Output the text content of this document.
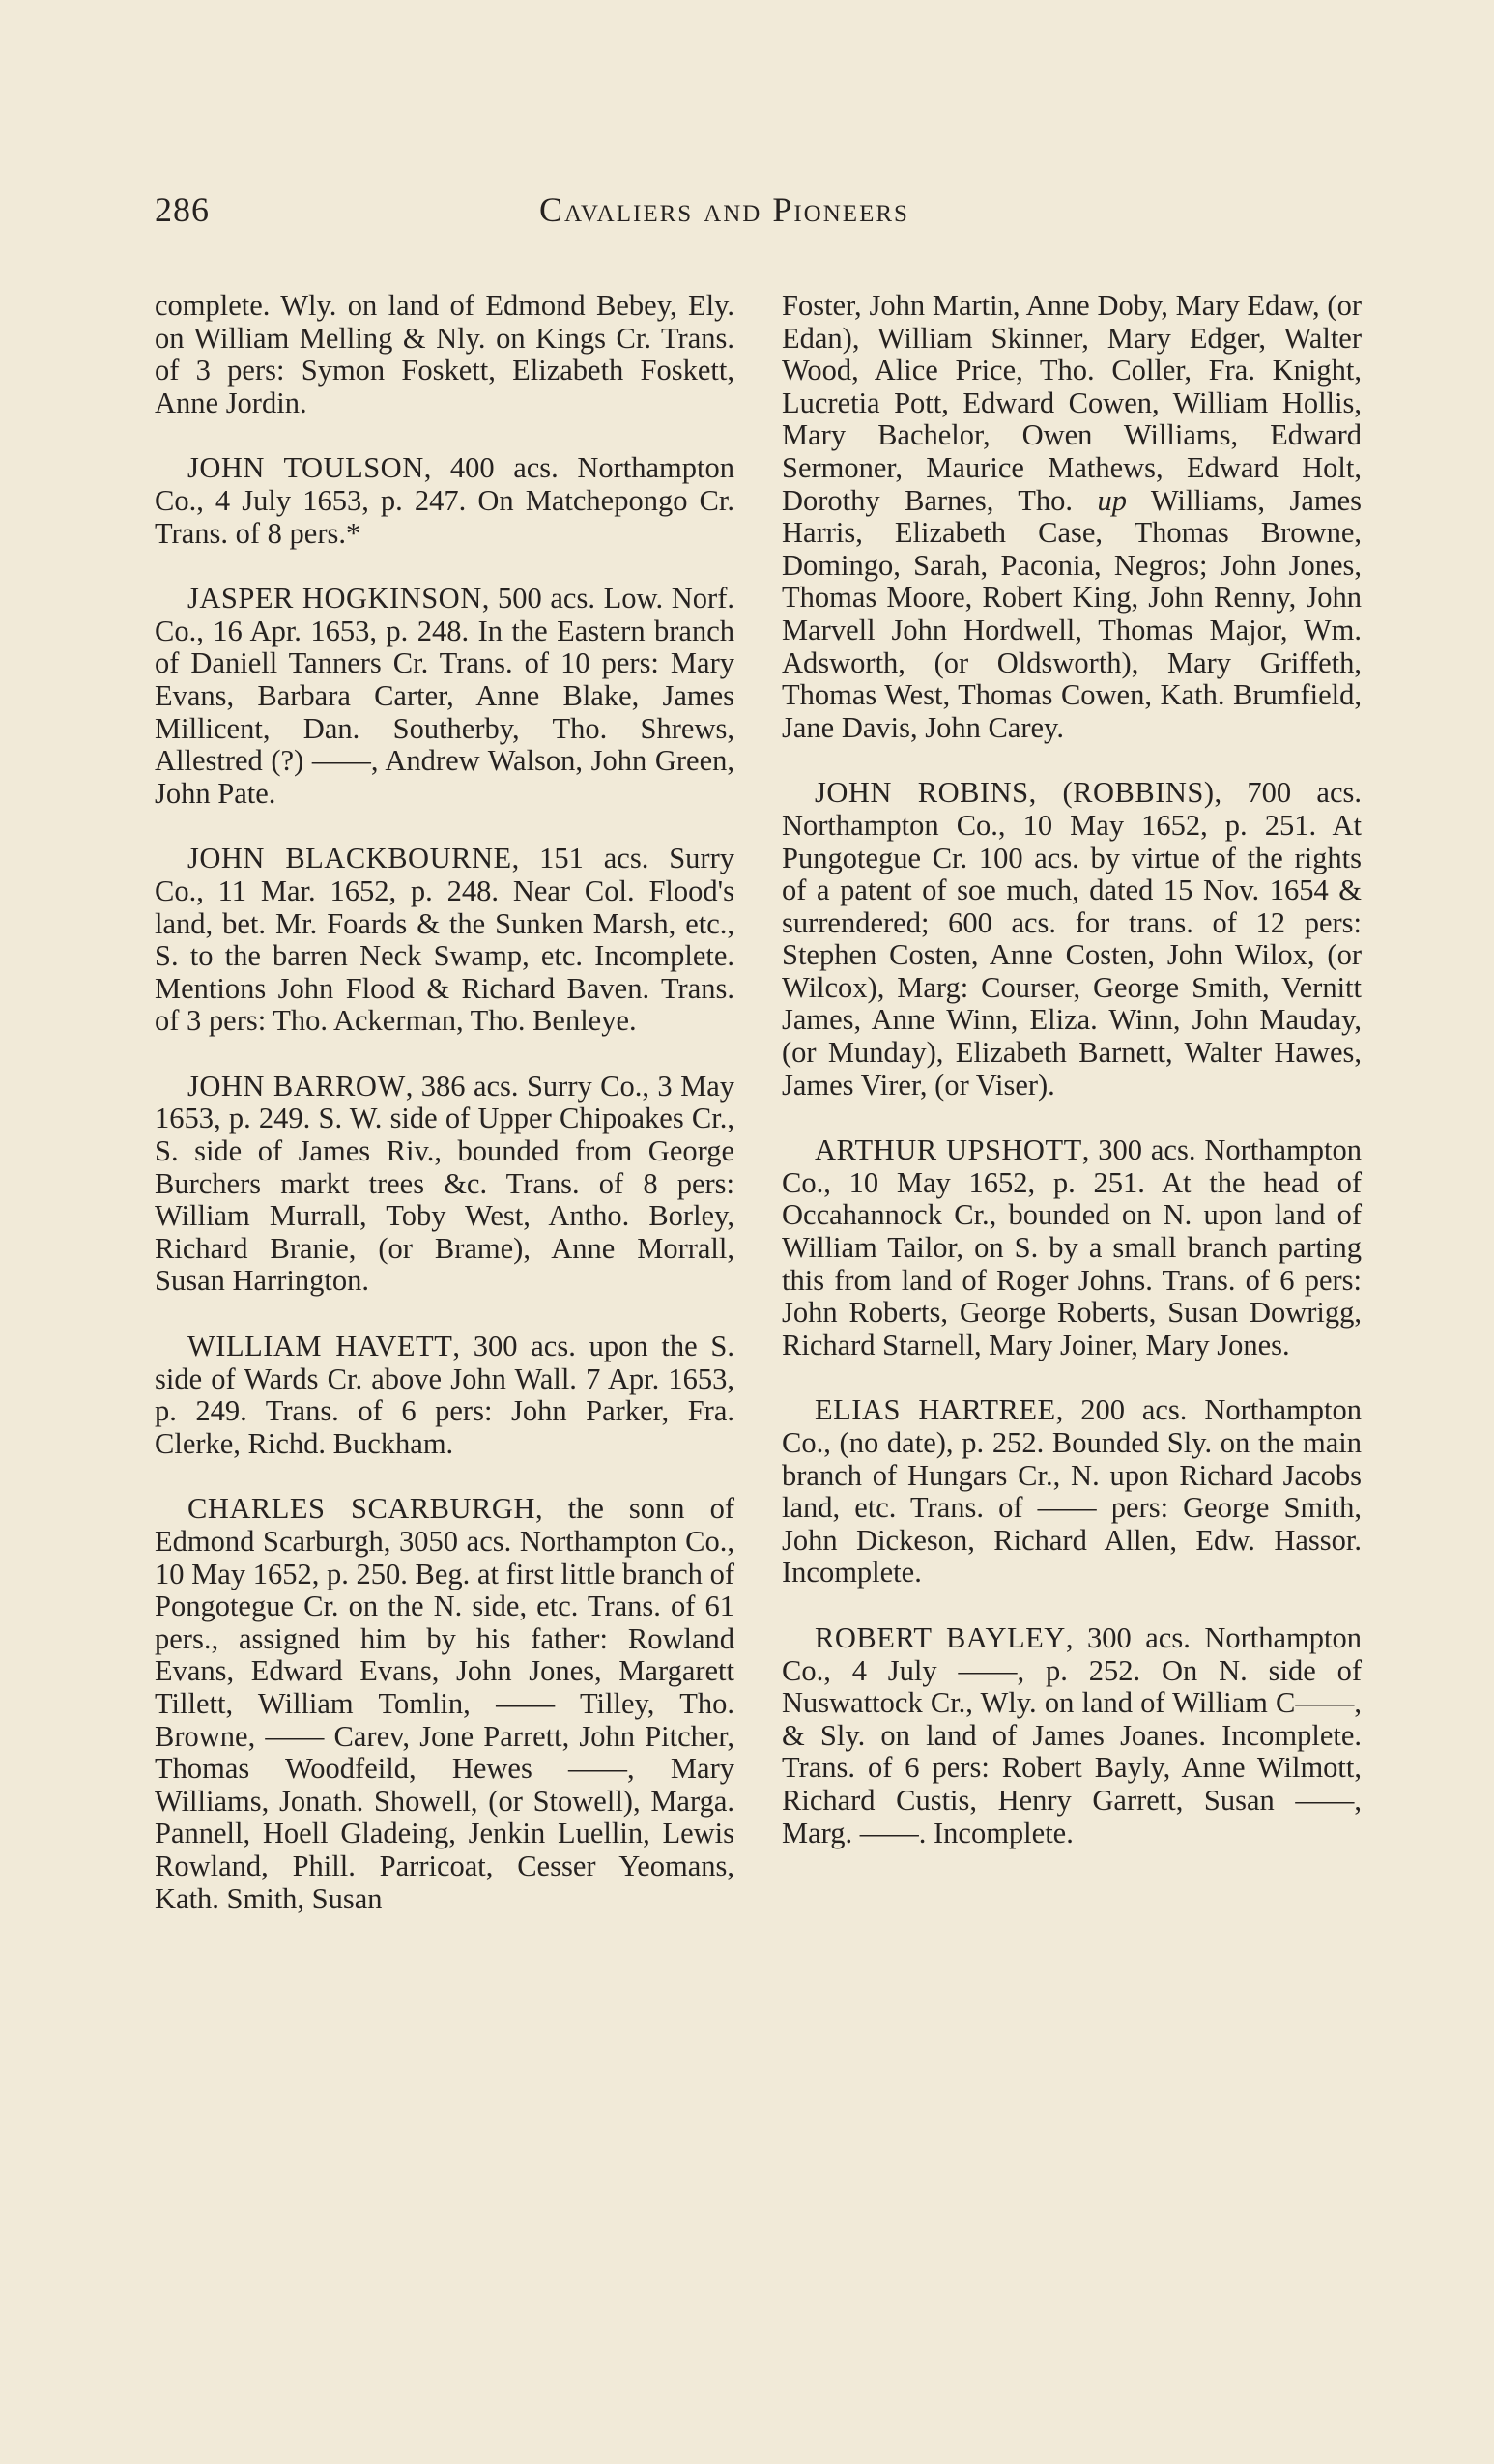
286	Cavaliers and Pioneers

complete. Wly. on land of Edmond Bebey, Ely. on William Melling & Nly. on Kings Cr. Trans. of 3 pers: Symon Foskett, Elizabeth Foskett, Anne Jordin.

JOHN TOULSON, 400 acs. Northampton Co., 4 July 1653, p. 247. On Matchepongo Cr. Trans. of 8 pers.*

JASPER HOGKINSON, 500 acs. Low. Norf. Co., 16 Apr. 1653, p. 248. In the Eastern branch of Daniell Tanners Cr. Trans. of 10 pers: Mary Evans, Barbara Carter, Anne Blake, James Millicent, Dan. Southerby, Tho. Shrews, Allestred (?) ——, Andrew Walson, John Green, John Pate.

JOHN BLACKBOURNE, 151 acs. Surry Co., 11 Mar. 1652, p. 248. Near Col. Flood's land, bet. Mr. Foards & the Sunken Marsh, etc., S. to the barren Neck Swamp, etc. Incomplete. Mentions John Flood & Richard Baven. Trans. of 3 pers: Tho. Ackerman, Tho. Benleye.

JOHN BARROW, 386 acs. Surry Co., 3 May 1653, p. 249. S. W. side of Upper Chipoakes Cr., S. side of James Riv., bounded from George Burchers markt trees &c. Trans. of 8 pers: William Murrall, Toby West, Antho. Borley, Richard Branie, (or Brame), Anne Morrall, Susan Harrington.

WILLIAM HAVETT, 300 acs. upon the S. side of Wards Cr. above John Wall. 7 Apr. 1653, p. 249. Trans. of 6 pers: John Parker, Fra. Clerke, Richd. Buckham.

CHARLES SCARBURGH, the sonn of Edmond Scarburgh, 3050 acs. Northampton Co., 10 May 1652, p. 250. Beg. at first little branch of Pongotegue Cr. on the N. side, etc. Trans. of 61 pers., assigned him by his father: Rowland Evans, Edward Evans, John Jones, Margarett Tillett, William Tomlin, —— Tilley, Tho. Browne, —— Carev, Jone Parrett, John Pitcher, Thomas Woodfeild, Hewes ——, Mary Williams, Jonath. Showell, (or Stowell), Marga. Pannell, Hoell Gladeing, Jenkin Luellin, Lewis Rowland, Phill. Parricoat, Cesser Yeomans, Kath. Smith, Susan

Foster, John Martin, Anne Doby, Mary Edaw, (or Edan), William Skinner, Mary Edger, Walter Wood, Alice Price, Tho. Coller, Fra. Knight, Lucretia Pott, Edward Cowen, William Hollis, Mary Bachelor, Owen Williams, Edward Sermoner, Maurice Mathews, Edward Holt, Dorothy Barnes, Tho. up Williams, James Harris, Elizabeth Case, Thomas Browne, Domingo, Sarah, Paconia, Negros; John Jones, Thomas Moore, Robert King, John Renny, John Marvell John Hordwell, Thomas Major, Wm. Adsworth, (or Oldsworth), Mary Griffeth, Thomas West, Thomas Cowen, Kath. Brumfield, Jane Davis, John Carey.

JOHN ROBINS, (ROBBINS), 700 acs. Northampton Co., 10 May 1652, p. 251. At Pungotegue Cr. 100 acs. by virtue of the rights of a patent of soe much, dated 15 Nov. 1654 & surrendered; 600 acs. for trans. of 12 pers: Stephen Costen, Anne Costen, John Wilox, (or Wilcox), Marg: Courser, George Smith, Vernitt James, Anne Winn, Eliza. Winn, John Mauday, (or Munday), Elizabeth Barnett, Walter Hawes, James Virer, (or Viser).

ARTHUR UPSHOTT, 300 acs. Northampton Co., 10 May 1652, p. 251. At the head of Occahannock Cr., bounded on N. upon land of William Tailor, on S. by a small branch parting this from land of Roger Johns. Trans. of 6 pers: John Roberts, George Roberts, Susan Dowrigg, Richard Starnell, Mary Joiner, Mary Jones.

ELIAS HARTREE, 200 acs. Northampton Co., (no date), p. 252. Bounded Sly. on the main branch of Hungars Cr., N. upon Richard Jacobs land, etc. Trans. of —— pers: George Smith, John Dickeson, Richard Allen, Edw. Hassor. Incomplete.

ROBERT BAYLEY, 300 acs. Northampton Co., 4 July ——, p. 252. On N. side of Nuswattock Cr., Wly. on land of William C——, & Sly. on land of James Joanes. Incomplete. Trans. of 6 pers: Robert Bayly, Anne Wilmott, Richard Custis, Henry Garrett, Susan ——, Marg. ——. Incomplete.
